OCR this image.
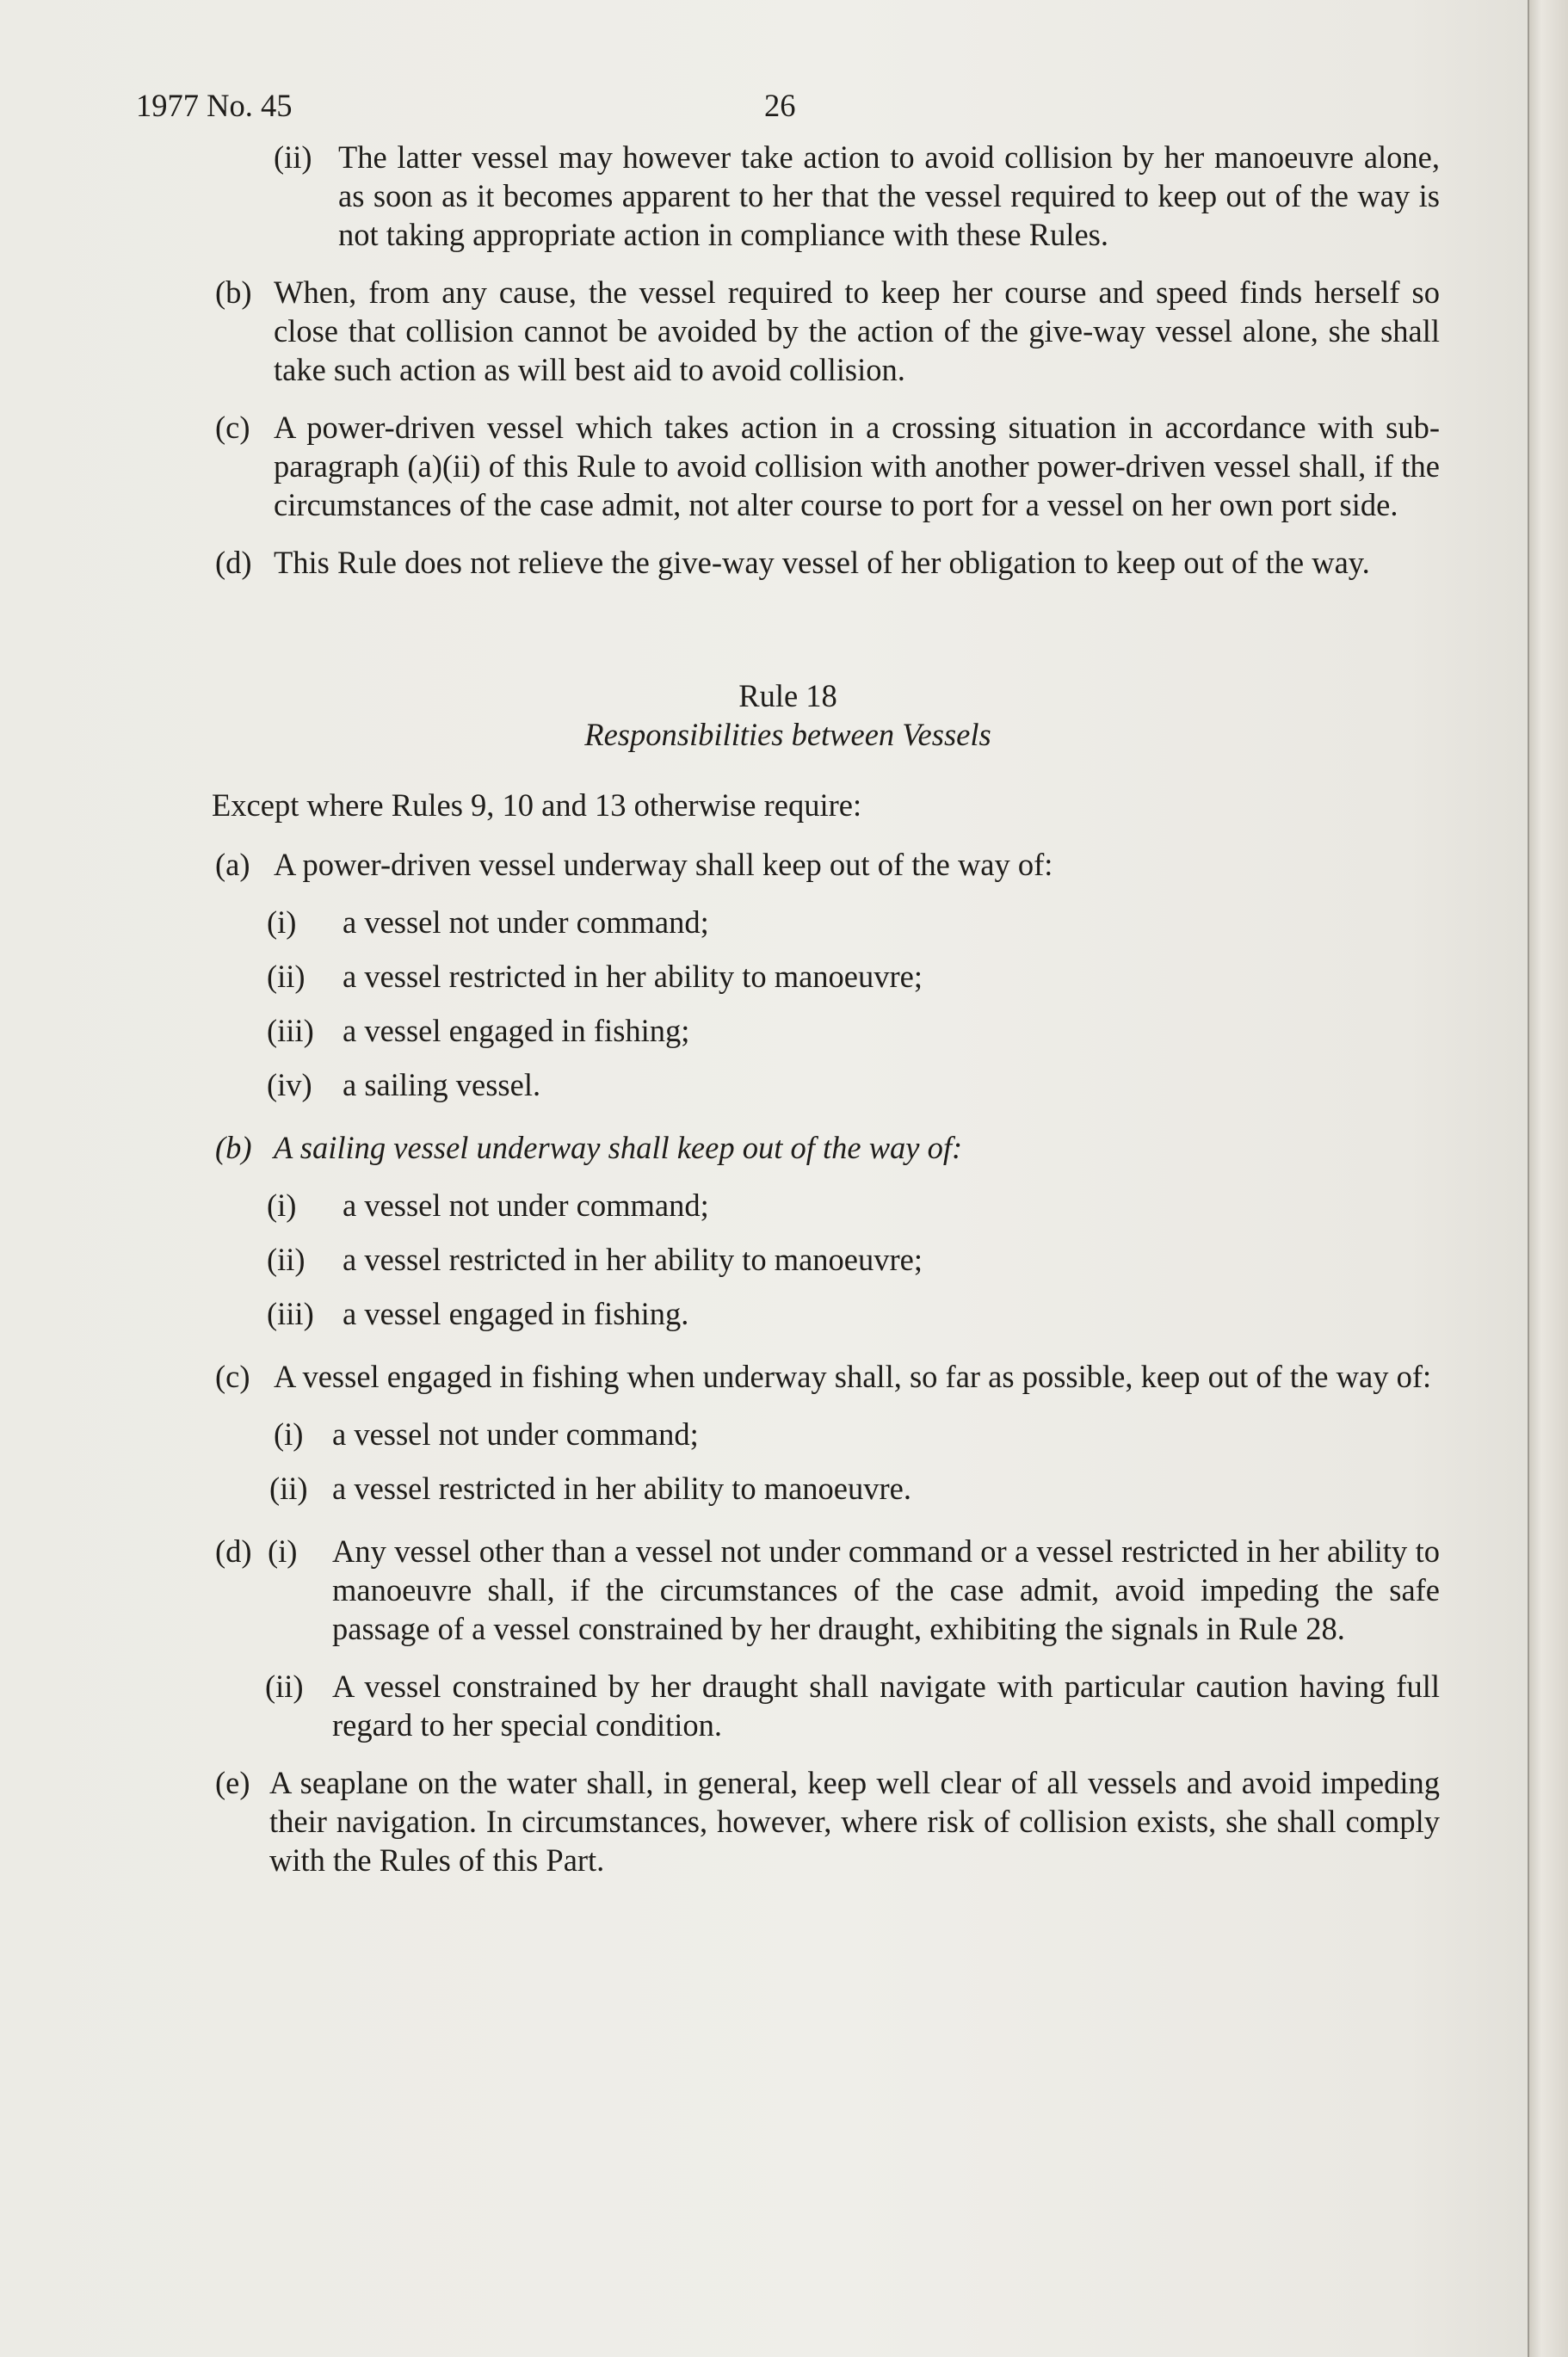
1977 No. 45	26

(ii) The latter vessel may however take action to avoid collision by her manoeuvre alone, as soon as it becomes apparent to her that the vessel required to keep out of the way is not taking appropriate action in compliance with these Rules.

(b) When, from any cause, the vessel required to keep her course and speed finds herself so close that collision cannot be avoided by the action of the give-way vessel alone, she shall take such action as will best aid to avoid collision.

(c) A power-driven vessel which takes action in a crossing situation in accordance with sub-paragraph (a)(ii) of this Rule to avoid collision with another power-driven vessel shall, if the circumstances of the case admit, not alter course to port for a vessel on her own port side.

(d) This Rule does not relieve the give-way vessel of her obligation to keep out of the way.

Rule 18
Responsibilities between Vessels

Except where Rules 9, 10 and 13 otherwise require:

(a) A power-driven vessel underway shall keep out of the way of:

(i) a vessel not under command;

(ii) a vessel restricted in her ability to manoeuvre;

(iii) a vessel engaged in fishing;

(iv) a sailing vessel.

(b) A sailing vessel underway shall keep out of the way of:

(i) a vessel not under command;

(ii) a vessel restricted in her ability to manoeuvre;

(iii) a vessel engaged in fishing.

(c) A vessel engaged in fishing when underway shall, so far as possible, keep out of the way of:

(i) a vessel not under command;

(ii) a vessel restricted in her ability to manoeuvre.

(d) (i) Any vessel other than a vessel not under command or a vessel restricted in her ability to manoeuvre shall, if the circumstances of the case admit, avoid impeding the safe passage of a vessel constrained by her draught, exhibiting the signals in Rule 28.

(ii) A vessel constrained by her draught shall navigate with particular caution having full regard to her special condition.

(e) A seaplane on the water shall, in general, keep well clear of all vessels and avoid impeding their navigation. In circumstances, however, where risk of collision exists, she shall comply with the Rules of this Part.
